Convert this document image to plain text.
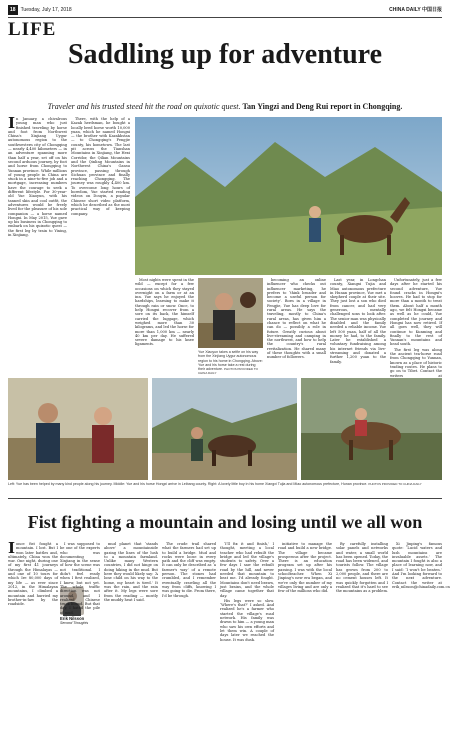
18 Tuesday, July 17, 2018	CHINA DAILY 中国日报
LIFE
Saddling up for adventure
Traveler and his trusted steed hit the road on quixotic quest. Tan Yingzi and Deng Rui report in Chongqing.

In January, a chivalrous young man who just finished traveling by horse and foot from Northwest China's Xinjiang Uygur autonomous region to the southwestern city of Chongqing — nearly 4,400 kilometers — in an adventure spanning more than half a year, set off on his second arduous journey, by foot and horse from Chongqing to Yunnan province. While millions of young people in China are stuck in a nine-to-five job and a mortgage, increasing numbers have the courage to seek a different lifestyle. For 30-year-old Yue Xiaoyun, with his tanned skin and cool outfit, the adventures would be freely lived for the pleasure of his sole companion — a horse named Hongxi. In May 2015, Yue gave up his business in Chongqing to embark on his quixotic quest — the first leg by train to Yining, in Xinjiang.

There, with the help of a Kazak herdsman, he bought a locally bred horse worth 10,000 yuan, which he named Hongxi — the brother with Kazakhstan — to Chongqing's Fengjie county, his hometown. The last pit across the Tianshan Mountains in Xinjiang, the Hexi Corridor, the Qilian Mountains and the Qinling Mountains in Northwest China's Gansu province, passing through Sichuan province and finally reaching Chongqing. The journey was roughly 4,400 km. To overcome long hours of boredom, Yue started reading videos on Douyin, a popular Chinese short video platform, which he described as the most practical way of keeping company.

Most nights were spent in the wild — except for a few occasions on which they stayed overnight on a farm or at an inn. Yue says he enjoyed the hardships, learning to make it through rain or snow. Once, to help Hongxi recover from a sore on its back, the himself carried the luggage, which weighed more than 30 kilograms, and led the horse for more than 1,000 km — nearly 40 km per day. He suffered severe damage to his knee ligaments.

Yue Xiaoyun takes a selfie on his way from the Xinjiang Uygur autonomous region to his home in Chongqing. Above: Yue and his horse take a rest during their adventure. PHOTOS PROVIDED TO CHINA DAILY

becoming an online influencer who checks out influencer marketing, he prefers to ‘think broader and become a useful person for society’. Born in a village in Fengjie, Yue has deep love for rural areas. He says the traveling, mostly to China's rural areas, has given him a chance to reflect on what he can do — possibly a role in future. Greatly curious about live-streaming and camping in the northwest, and how to help the country's rural revitalization. He shared many of these thoughts with a small number of followers.

Last year, in Longchan county, Xiangxi Tujia and Miao autonomous prefecture in Hunan province, Yue met a shepherd couple at their site. They just lost a son who died from cancer, and had very generous, mentally challenged sons to look after. The senior man was physically disabled and the family needed a reliable income. Yue left 500 yuan, half of all the money he had, to the family. Later he established a voluntary fundraising among his internet friends via live-streaming and donated a further 1,200 yuan to the family.

Unfortunately, just a few days after he started his second adventure, Yue found cracks in Hongxi's hooves. He had to stop for more than a month to treat them. About half a month ago, we felt Hongxi became as well as he could, Yue completed the journey and Hongxi has now retired. If all goes well, they will continue to Kunming and finally to the rest of Yunnan's mountains and head south.

The first leg was along the ancient tea-horse road from Chongqing to Yunnan, known as a place of historic trading routes. He plans to go on to Tibet. Contact the writers at

Left: Yue has been helped by many kind people along his journey. Middle: Yue and his horse Hongxi arrive in Leibang county. Right: A lovely little boy in his home Xiangxi Tujia and Miao autonomous prefecture, Hunan province. PHOTOS PROVIDED TO CHINA DAILY
Fist fighting a mountain and losing until we all won

Ionce fist fought a mountain. I lost. But I won later battles and, ultimately, China won the war. One night, during one of my first 41 journeys through the Himalayas — and one of 10 tours for which Ire 80,000 days of my life — as ever since 2012, in the Himalayan mountains, I climbed a mountain and hurried my brother-in-law by the roadside.

Erik Nilsson
Second Thoughts

I was supposed to be one of the experts who was documenting Xinjiang in the sense of how the scene was not traditional. I didn't feel ready when I first realized, I knew, but not yet. The whole traffic direction was not around, and I realized Chinese truck bound. But that day, I hated the pile of mud.

mud planet that ‘stands above’ a mountainside gazing the lines of the lush to a mountain farmland. Unlike many Western countries, I did not hinge on doing hiking in the mud. But here they would likely say: ‘A lone child on his way to the home, my heart is tired.’ It was the rain, and the rain after it. My legs were sore from the reading — mostly the muddy heat I said.

The crude trail shared what the farmers had set up to build a bridge. Mud and rocks were loose in every path and the cliff was empty. It can only be described as ‘a farmer's way’ of a remote person. The stones had crumbled, and I remember eventually crawling all the way from cliffs, knowing I was going to die. From there, I'd be through.

‘I'll fix it and finish,’ I thought, meeting a local teacher who had rebuilt the bridge and led the village's students to safety. Over a few days I saw the rebuilt road by the hill, and never needed that mountain to beat me. I'd already fought. Mountains don't need brawn, just brains, and the whole village came together that day.

His legs were so slow. ‘Where's that?’ I asked. And realized he's a farmer who started the village's road network. His family was drawn to him — a young man who saw his own efforts and let them win. A couple of days later we reached the house. It was dusk.

initiative to manage the road and build a new bridge. The village became prosperous after the project. There is an education program set up after his passing. I was with the local schoolteacher. When Xi Jinping's new era began, and we're only the number of my villages living and are only a few of the millions who did.

By carefully installing solar panels and networks and water, a small world has been opened. Today, the road has been widened, and tourists follow. The village has grown from 200 to 2,000 people, and there are no cement houses left. It was quickly forgotten and I realized that it's hard to see the mountains as a problem.

Xi Jinping's famous quote: ‘Lucid waters and lush mountains are invaluable assets.’ The mountain I fought is also a place of learning now, and I said: ‘I won't be beaten.’ And I'm looking forward to the next adventure. Contact the writer at erik_nilsson@chinadaily.com.cn
